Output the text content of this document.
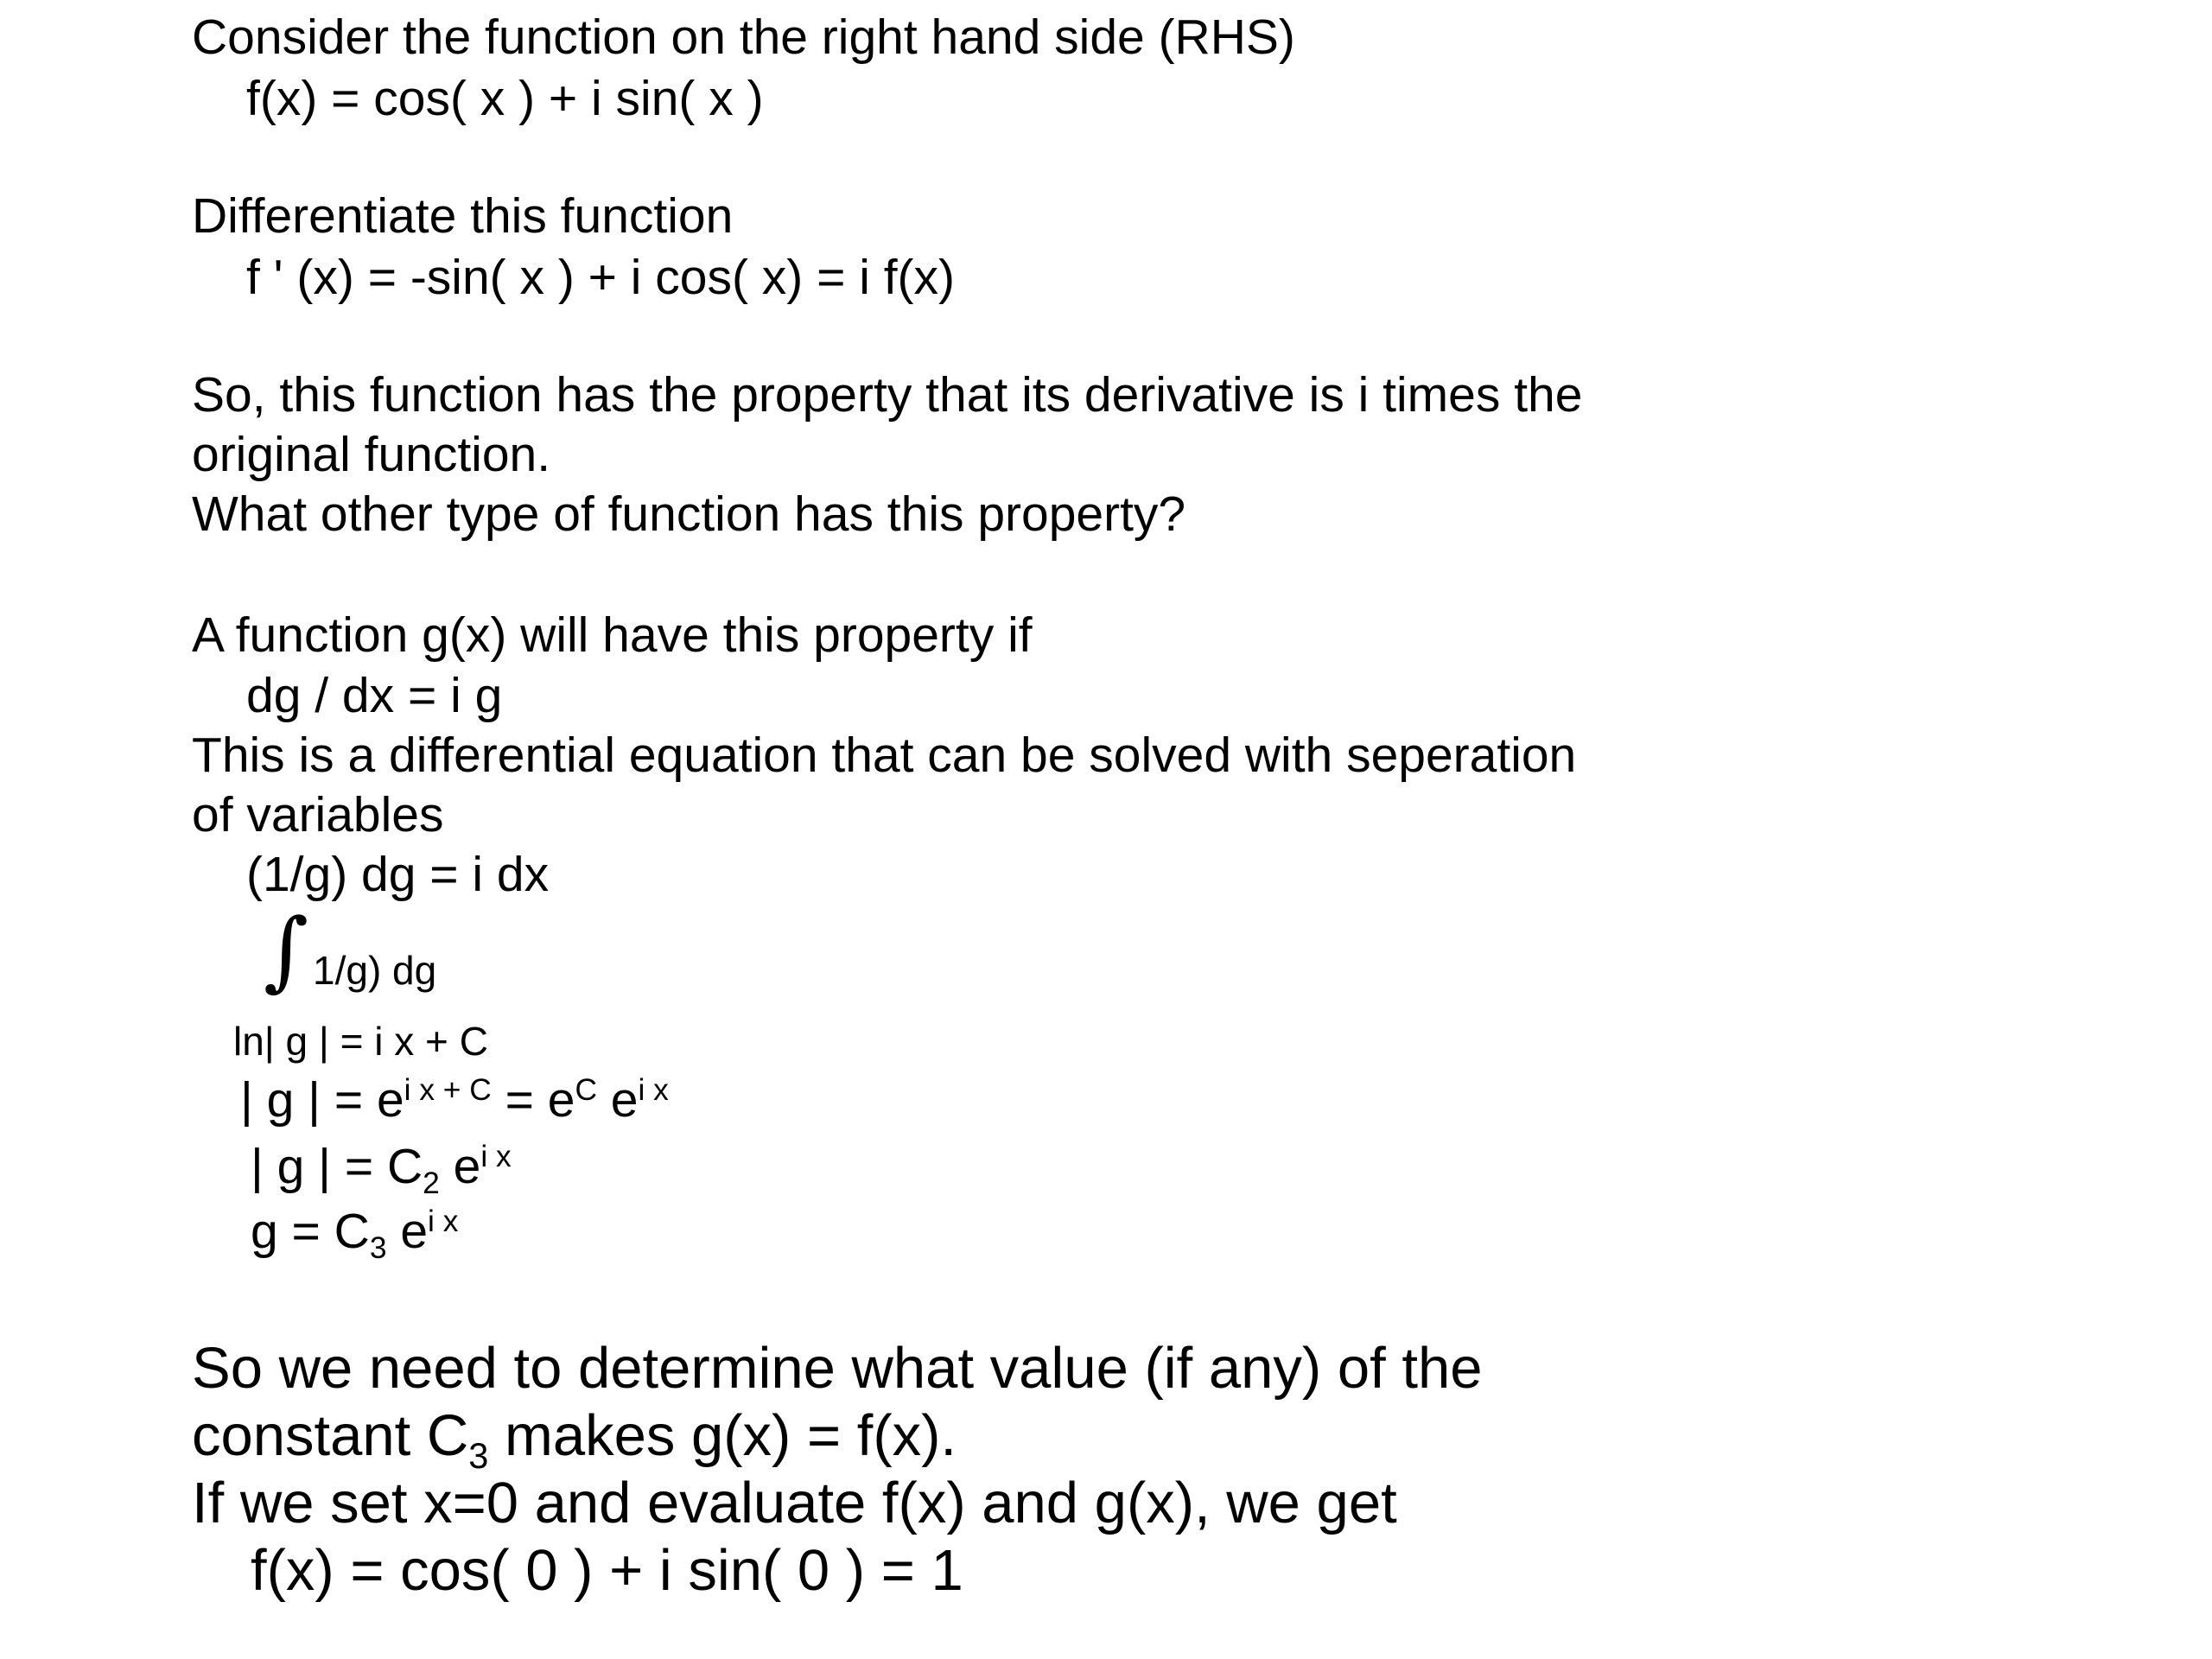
Consider the function on the right hand side (RHS)
f(x) = cos( x ) + i sin( x )
Differentiate this function
f ' (x) = -sin( x ) + i cos( x) = i f(x)
So, this function has the property that its derivative is i times the
original function.
What other type of function has this property?
A function g(x) will have this property if
dg / dx = i g
This is a differential equation that can be solved with seperation
of variables
(1/g) dg = i dx
∫ 1/g) dg
ln| g | = i x + C
| g | = $e^{i x + C} = e^C$ $e^{i x}$
| g | = $C_2$ $e^{i x}$
$g = C_3$ $e^{i x}$
So we need to determine what value (if any) of the
constant $C_3$ makes g(x) = f(x).
If we set x=0 and evaluate f(x) and g(x), we get
f(x) = cos( 0 ) + i sin( 0 ) = 1
